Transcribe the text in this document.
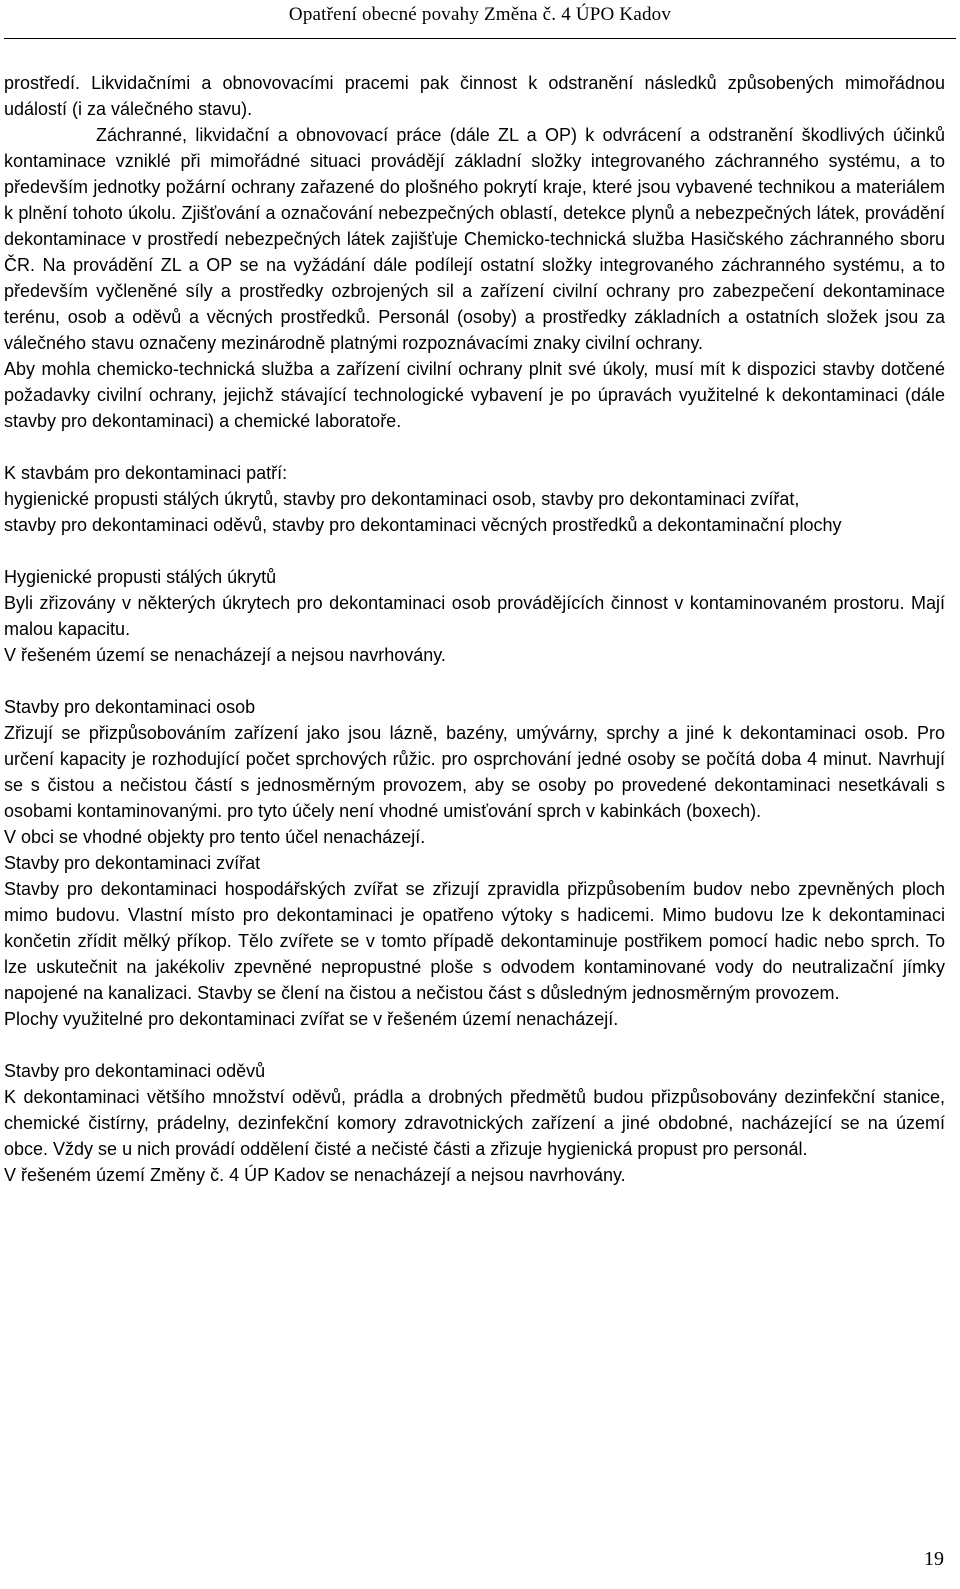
Opatření obecné povahy Změna č. 4 ÚPO Kadov

prostředí. Likvidačními a obnovovacími pracemi pak činnost k odstranění následků způsobených mimořádnou událostí (i za válečného stavu).

Záchranné, likvidační a obnovovací práce (dále ZL a OP) k odvrácení a odstranění škodlivých účinků kontaminace vzniklé při mimořádné situaci provádějí základní složky integrovaného záchranného systému, a to především jednotky požární ochrany zařazené do plošného pokrytí kraje, které jsou vybavené technikou a materiálem k plnění tohoto úkolu. Zjišťování a označování nebezpečných oblastí, detekce plynů a nebezpečných látek, provádění dekontaminace v prostředí nebezpečných látek zajišťuje Chemicko-technická služba Hasičského záchranného sboru ČR. Na provádění ZL a OP se na vyžádání dále podílejí ostatní složky integrovaného záchranného systému, a to především vyčleněné síly a prostředky ozbrojených sil a zařízení civilní ochrany pro zabezpečení dekontaminace terénu, osob a oděvů a věcných prostředků. Personál (osoby) a prostředky základních a ostatních složek jsou za válečného stavu označeny mezinárodně platnými rozpoznávacími znaky civilní ochrany.

Aby mohla chemicko-technická služba a zařízení civilní ochrany plnit své úkoly, musí mít k dispozici stavby dotčené požadavky civilní ochrany, jejichž stávající technologické vybavení je po úpravách využitelné k dekontaminaci (dále stavby pro dekontaminaci) a chemické laboratoře.

K stavbám pro dekontaminaci patří:

hygienické propusti stálých úkrytů, stavby pro dekontaminaci osob, stavby pro dekontaminaci zvířat,

stavby pro dekontaminaci oděvů, stavby pro dekontaminaci věcných prostředků a dekontaminační plochy

Hygienické propusti stálých úkrytů

Byli zřizovány v některých úkrytech pro dekontaminaci osob provádějících činnost v kontaminovaném prostoru. Mají malou kapacitu.

V řešeném území se nenacházejí a nejsou navrhovány.

Stavby pro dekontaminaci osob

Zřizují se přizpůsobováním zařízení jako jsou lázně, bazény, umývárny, sprchy a jiné k dekontaminaci osob. Pro určení kapacity je rozhodující počet sprchových růžic. pro osprchování jedné osoby se počítá doba 4 minut. Navrhují se s čistou a nečistou částí s jednosměrným provozem, aby se osoby po provedené dekontaminaci nesetkávali s osobami kontaminovanými. pro tyto účely není vhodné umisťování sprch v kabinkách (boxech).

V obci se vhodné objekty pro tento účel nenacházejí.

Stavby pro dekontaminaci zvířat

Stavby pro dekontaminaci hospodářských zvířat se zřizují zpravidla přizpůsobením budov nebo zpevněných ploch mimo budovu. Vlastní místo pro dekontaminaci je opatřeno výtoky s hadicemi. Mimo budovu lze k dekontaminaci končetin zřídit mělký příkop. Tělo zvířete se v tomto případě dekontaminuje postřikem pomocí hadic nebo sprch. To lze uskutečnit na jakékoliv zpevněné nepropustné ploše s odvodem kontaminované vody do neutralizační jímky napojené na kanalizaci. Stavby se člení na čistou a nečistou část s důsledným jednosměrným provozem.

Plochy využitelné pro dekontaminaci zvířat se v řešeném území nenacházejí.

Stavby pro dekontaminaci oděvů

K dekontaminaci většího množství oděvů, prádla a drobných předmětů budou přizpůsobovány dezinfekční stanice, chemické čistírny, prádelny, dezinfekční komory zdravotnických zařízení a jiné obdobné, nacházející se na území obce. Vždy se u nich provádí oddělení čisté a nečisté části a zřizuje hygienická propust pro personál.

V řešeném území Změny č. 4 ÚP Kadov se nenacházejí a nejsou navrhovány.

19
